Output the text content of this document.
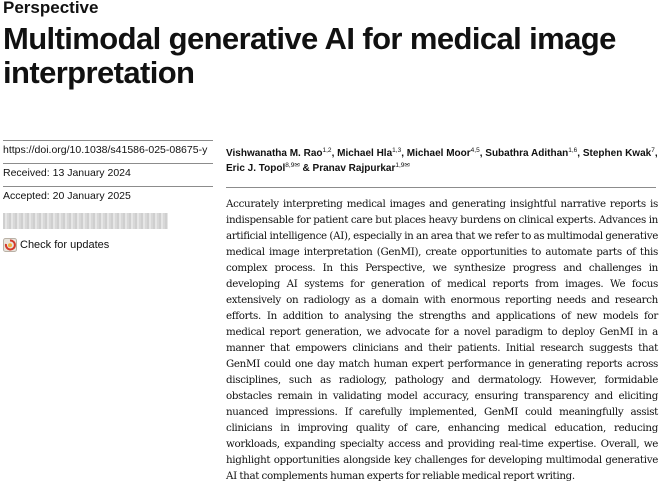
Perspective
Multimodal generative AI for medical image interpretation
https://doi.org/10.1038/s41586-025-08675-y
Received: 13 January 2024
Accepted: 20 January 2025
Check for updates
Vishwanatha M. Rao$^{1,2}$, Michael Hla$^{1,3}$, Michael Moor$^{4,5}$, Subathra Adithan$^{1,6}$, Stephen Kwak$^7$, Eric J. Topol$^{8,9✉}$ & Pranav Rajpurkar$^{1,9✉}$

Accurately interpreting medical images and generating insightful narrative reports is indispensable for patient care but places heavy burdens on clinical experts. Advances in artificial intelligence (AI), especially in an area that we refer to as multimodal generative medical image interpretation (GenMI), create opportunities to automate parts of this complex process. In this Perspective, we synthesize progress and challenges in developing AI systems for generation of medical reports from images. We focus extensively on radiology as a domain with enormous reporting needs and research efforts. In addition to analysing the strengths and applications of new models for medical report generation, we advocate for a novel paradigm to deploy GenMI in a manner that empowers clinicians and their patients. Initial research suggests that GenMI could one day match human expert performance in generating reports across disciplines, such as radiology, pathology and dermatology. However, formidable obstacles remain in validating model accuracy, ensuring transparency and eliciting nuanced impressions. If carefully implemented, GenMI could meaningfully assist clinicians in improving quality of care, enhancing medical education, reducing workloads, expanding specialty access and providing real-time expertise. Overall, we highlight opportunities alongside key challenges for developing multimodal generative AI that complements human experts for reliable medical report writing.
